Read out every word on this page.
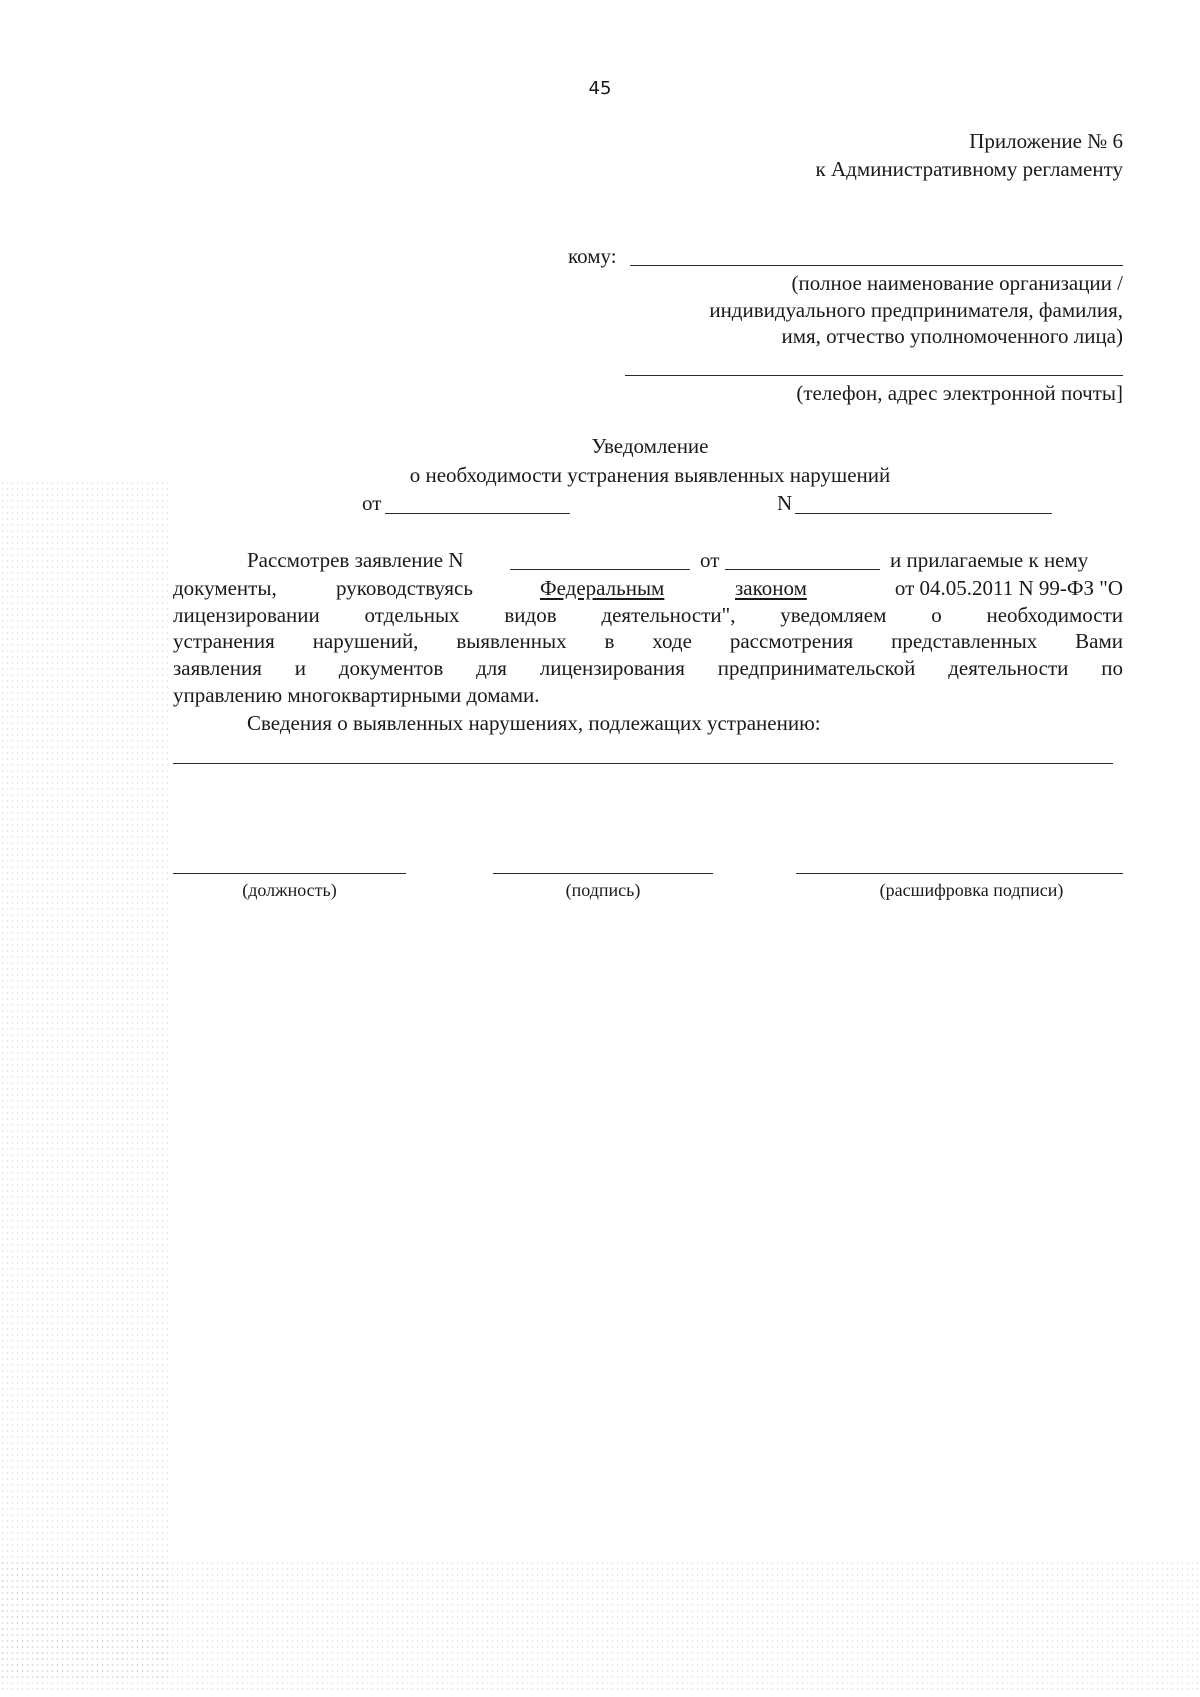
45
Приложение № 6
к Административному регламенту
кому:
(полное наименование организации /
индивидуального предпринимателя, фамилия,
имя, отчество уполномоченного лица)
(телефон, адрес электронной почты]
Уведомление
о необходимости устранения выявленных нарушений
от	N
Рассмотрев заявление N	от	и прилагаемые к нему
документы,	руководствуясь	Федеральным	законом	от 04.05.2011 N 99-ФЗ "О
лицензировании отдельных видов деятельности", уведомляем о необходимости
устранения нарушений, выявленных в ходе рассмотрения представленных Вами
заявления и документов для лицензирования предпринимательской деятельности по
управлению многоквартирными домами.
Сведения о выявленных нарушениях, подлежащих устранению:
(должность)	(подпись)	(расшифровка подписи)
